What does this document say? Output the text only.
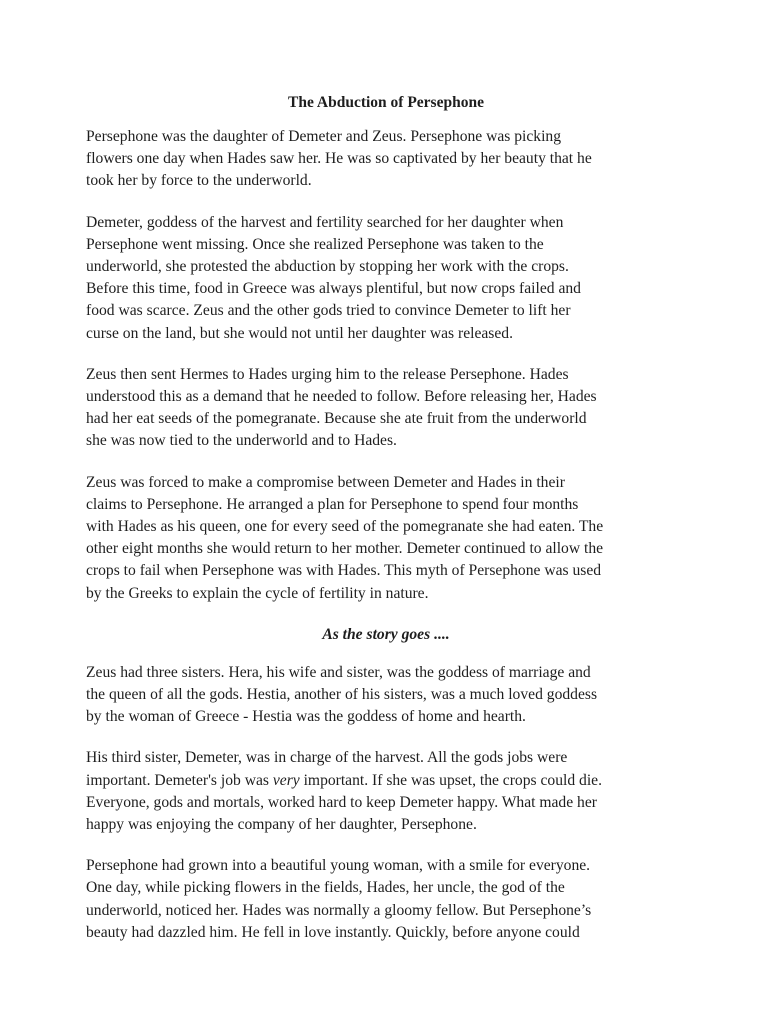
The Abduction of Persephone

Persephone was the daughter of Demeter and Zeus. Persephone was picking
flowers one day when Hades saw her. He was so captivated by her beauty that he
took her by force to the underworld.

Demeter, goddess of the harvest and fertility searched for her daughter when
Persephone went missing. Once she realized Persephone was taken to the
underworld, she protested the abduction by stopping her work with the crops.
Before this time, food in Greece was always plentiful, but now crops failed and
food was scarce. Zeus and the other gods tried to convince Demeter to lift her
curse on the land, but she would not until her daughter was released.

Zeus then sent Hermes to Hades urging him to the release Persephone. Hades
understood this as a demand that he needed to follow. Before releasing her, Hades
had her eat seeds of the pomegranate. Because she ate fruit from the underworld
she was now tied to the underworld and to Hades.

Zeus was forced to make a compromise between Demeter and Hades in their
claims to Persephone. He arranged a plan for Persephone to spend four months
with Hades as his queen, one for every seed of the pomegranate she had eaten. The
other eight months she would return to her mother. Demeter continued to allow the
crops to fail when Persephone was with Hades. This myth of Persephone was used
by the Greeks to explain the cycle of fertility in nature.

As the story goes ....

Zeus had three sisters. Hera, his wife and sister, was the goddess of marriage and
the queen of all the gods. Hestia, another of his sisters, was a much loved goddess
by the woman of Greece - Hestia was the goddess of home and hearth.

His third sister, Demeter, was in charge of the harvest. All the gods jobs were
important. Demeter's job was very important. If she was upset, the crops could die.
Everyone, gods and mortals, worked hard to keep Demeter happy. What made her
happy was enjoying the company of her daughter, Persephone.

Persephone had grown into a beautiful young woman, with a smile for everyone.
One day, while picking flowers in the fields, Hades, her uncle, the god of the
underworld, noticed her. Hades was normally a gloomy fellow. But Persephone’s
beauty had dazzled him. He fell in love instantly. Quickly, before anyone could
